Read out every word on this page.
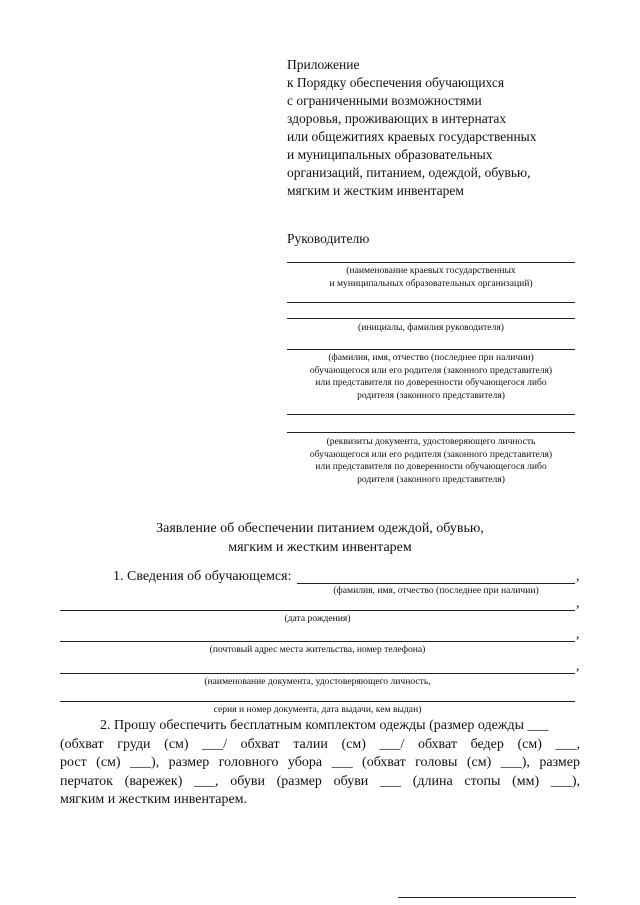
Приложение
к Порядку обеспечения обучающихся
с ограниченными возможностями
здоровья, проживающих в интернатах
или общежитиях краевых государственных
и муниципальных образовательных
организаций, питанием, одеждой, обувью,
мягким и жестким инвентарем
Руководителю
(наименование краевых государственных
и муниципальных образовательных организаций)
(инициалы, фамилия руководителя)
(фамилия, имя, отчество (последнее при наличии)
обучающегося или его родителя (законного представителя)
или представителя по доверенности обучающегося либо
родителя (законного представителя)
(реквизиты документа, удостоверяющего личность
обучающегося или его родителя (законного представителя)
или представителя по доверенности обучающегося либо
родителя (законного представителя)
Заявление об обеспечении питанием одеждой, обувью,
мягким и жестким инвентарем
1. Сведения об обучающемся:	,
(фамилия, имя, отчество (последнее при наличии)
,
(дата рождения)
,
(почтовый адрес места жительства, номер телефона)
,
(наименование документа, удостоверяющего личность,
серия и номер документа, дата выдачи, кем выдан)
2. Прошу обеспечить бесплатным комплектом одежды (размер одежды ___
(обхват груди (см) ___/ обхват талии (см) ___/ обхват бедер (см) ___,
рост (см) ___), размер головного убора ___ (обхват головы (см) ___), размер
перчаток (варежек) ___, обуви (размер обуви ___ (длина стопы (мм) ___),
мягким и жестким инвентарем.
